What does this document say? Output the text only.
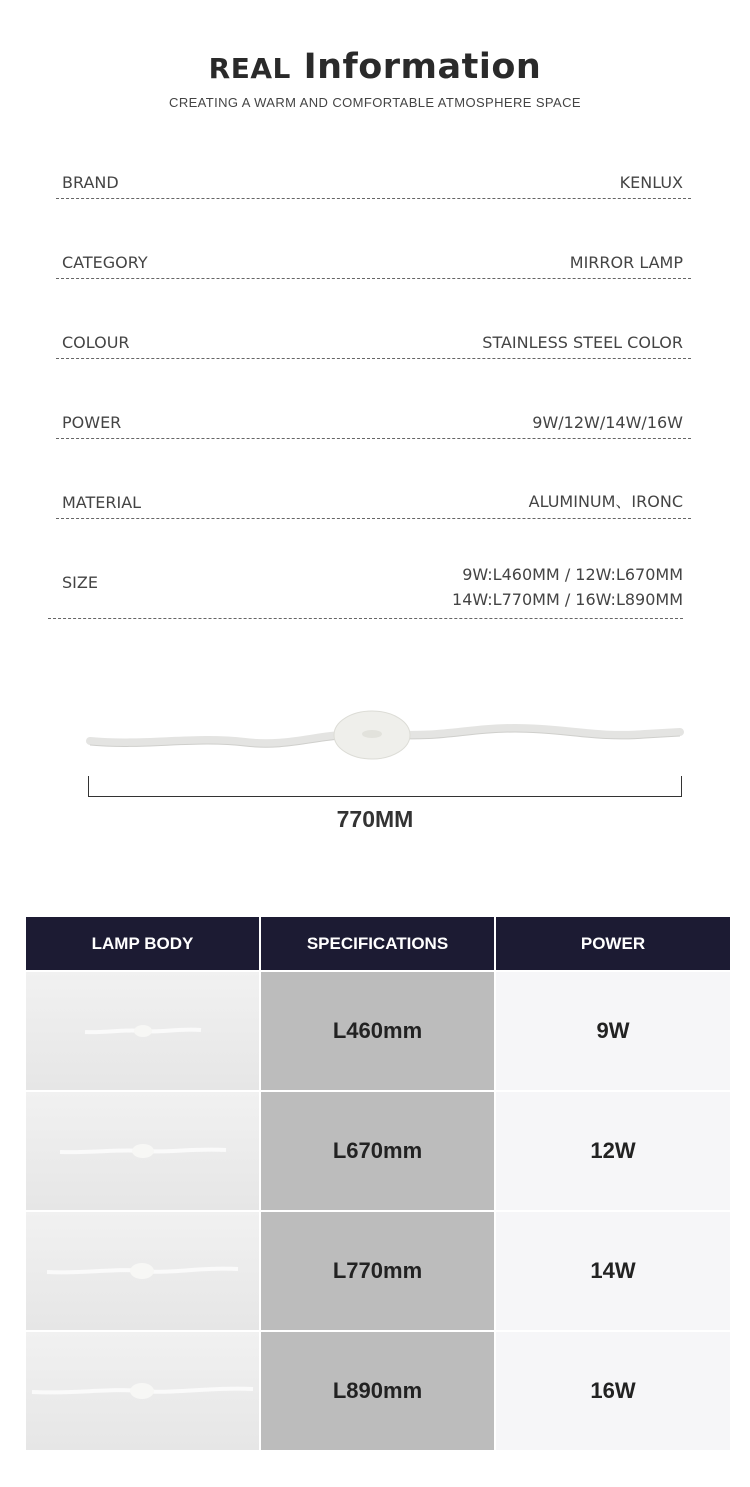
REAL Information
CREATING A WARM AND COMFORTABLE ATMOSPHERE SPACE
BRAND	KENLUX
CATEGORY	MIRROR LAMP
COLOUR	STAINLESS STEEL COLOR
POWER	9W/12W/14W/16W
MATERIAL	ALUMINUM、IRONC
SIZE	9W:L460MM / 12W:L670MM
14W:L770MM / 16W:L890MM
770MM
LAMP BODY	SPECIFICATIONS	POWER
L460mm	9W
L670mm	12W
L770mm	14W
L890mm	16W
